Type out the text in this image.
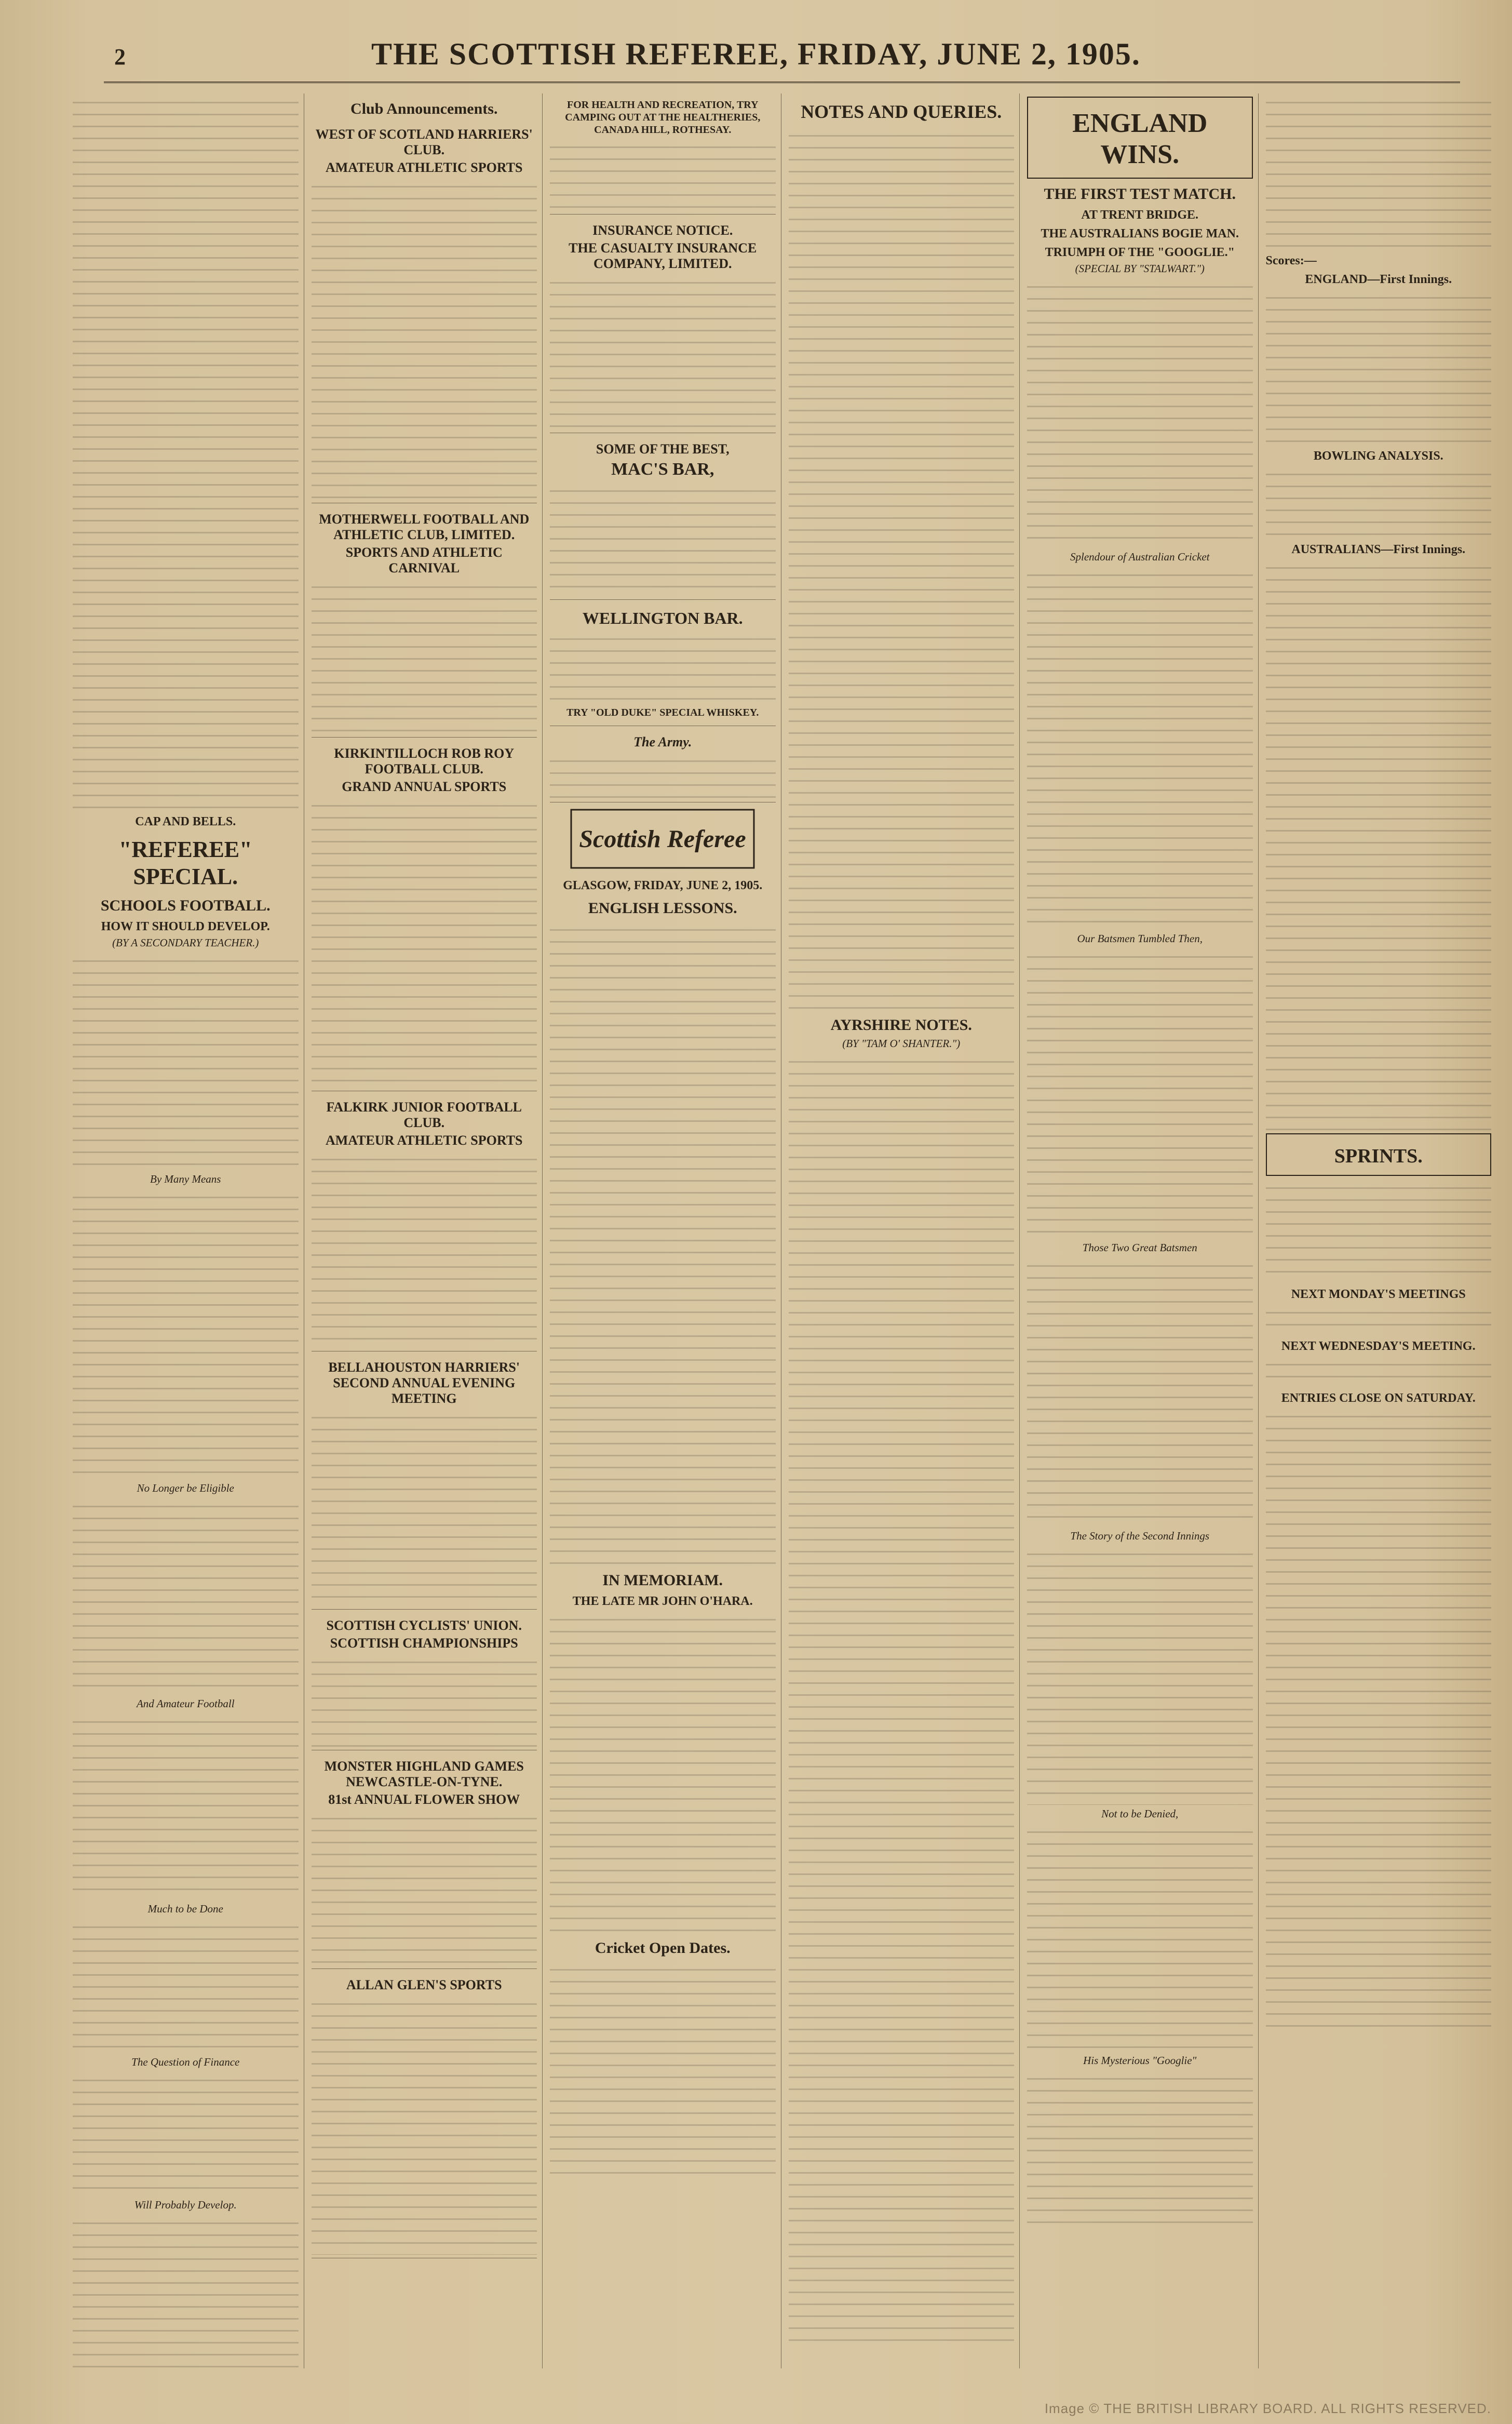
2	THE SCOTTISH REFEREE, FRIDAY, JUNE 2, 1905.
CAP AND BELLS.
"REFEREE" SPECIAL.
SCHOOLS FOOTBALL.
HOW IT SHOULD DEVELOP.
(BY A SECONDARY TEACHER.)
By Many Means
No Longer be Eligible
And Amateur Football
Much to be Done
The Question of Finance
Will Probably Develop.
Club Announcements.
WEST OF SCOTLAND HARRIERS' CLUB.
AMATEUR ATHLETIC SPORTS
MOTHERWELL FOOTBALL AND ATHLETIC CLUB, LIMITED.
SPORTS AND ATHLETIC CARNIVAL
KIRKINTILLOCH ROB ROY FOOTBALL CLUB.
GRAND ANNUAL SPORTS
FALKIRK JUNIOR FOOTBALL CLUB.
AMATEUR ATHLETIC SPORTS
BELLAHOUSTON HARRIERS' SECOND ANNUAL EVENING MEETING
SCOTTISH CYCLISTS' UNION.
SCOTTISH CHAMPIONSHIPS
MONSTER HIGHLAND GAMES NEWCASTLE-ON-TYNE.
81st ANNUAL FLOWER SHOW
ALLAN GLEN'S SPORTS
FOR HEALTH AND RECREATION, TRY CAMPING OUT AT THE HEALTHERIES, CANADA HILL, ROTHESAY.
INSURANCE NOTICE.
THE CASUALTY INSURANCE COMPANY, LIMITED.
SOME OF THE BEST,
MAC'S BAR,
WELLINGTON BAR.
TRY "OLD DUKE" SPECIAL WHISKEY.
The Army.
Scottish Referee
GLASGOW, FRIDAY, JUNE 2, 1905.
ENGLISH LESSONS.
IN MEMORIAM.
THE LATE MR JOHN O'HARA.
Cricket Open Dates.
NOTES AND QUERIES.
AYRSHIRE NOTES.
(BY "TAM O' SHANTER.")
ENGLAND WINS.
THE FIRST TEST MATCH.
AT TRENT BRIDGE.
THE AUSTRALIANS BOGIE MAN.
TRIUMPH OF THE "GOOGLIE."
(SPECIAL BY "STALWART.")
Splendour of Australian Cricket
Our Batsmen Tumbled Then,
Those Two Great Batsmen
The Story of the Second Innings
Not to be Denied,
His Mysterious "Googlie"
Scores:—
ENGLAND—First Innings.
BOWLING ANALYSIS.
AUSTRALIANS—First Innings.
SPRINTS.
NEXT MONDAY'S MEETINGS
NEXT WEDNESDAY'S MEETING.
ENTRIES CLOSE ON SATURDAY.
Image © THE BRITISH LIBRARY BOARD. ALL RIGHTS RESERVED.
